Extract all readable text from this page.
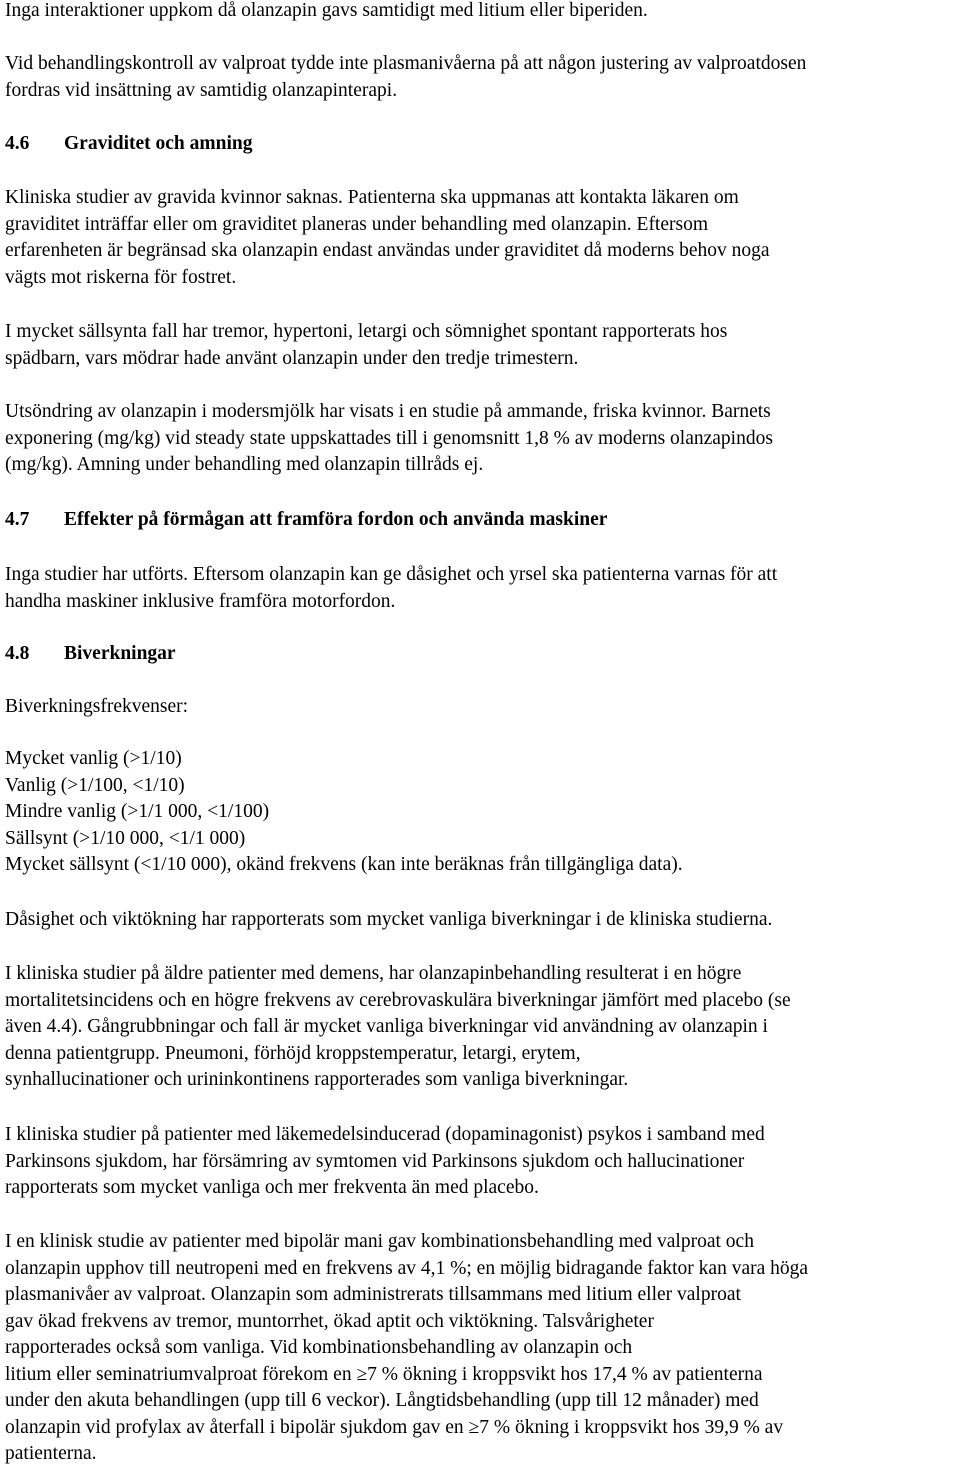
Inga interaktioner uppkom då olanzapin gavs samtidigt med litium eller biperiden.

Vid behandlingskontroll av valproat tydde inte plasmanivåerna på att någon justering av valproatdosen
fordras vid insättning av samtidig olanzapinterapi.

4.6 Graviditet och amning

Kliniska studier av gravida kvinnor saknas. Patienterna ska uppmanas att kontakta läkaren om
graviditet inträffar eller om graviditet planeras under behandling med olanzapin. Eftersom
erfarenheten är begränsad ska olanzapin endast användas under graviditet då moderns behov noga
vägts mot riskerna för fostret.

I mycket sällsynta fall har tremor, hypertoni, letargi och sömnighet spontant rapporterats hos
spädbarn, vars mödrar hade använt olanzapin under den tredje trimestern.

Utsöndring av olanzapin i modersmjölk har visats i en studie på ammande, friska kvinnor. Barnets
exponering (mg/kg) vid steady state uppskattades till i genomsnitt 1,8 % av moderns olanzapindos
(mg/kg). Amning under behandling med olanzapin tillråds ej.

4.7 Effekter på förmågan att framföra fordon och använda maskiner

Inga studier har utförts. Eftersom olanzapin kan ge dåsighet och yrsel ska patienterna varnas för att
handha maskiner inklusive framföra motorfordon.

4.8 Biverkningar

Biverkningsfrekvenser:

Mycket vanlig (>1/10)
Vanlig (>1/100, <1/10)
Mindre vanlig (>1/1 000, <1/100)
Sällsynt (>1/10 000, <1/1 000)
Mycket sällsynt (<1/10 000), okänd frekvens (kan inte beräknas från tillgängliga data).

Dåsighet och viktökning har rapporterats som mycket vanliga biverkningar i de kliniska studierna.

I kliniska studier på äldre patienter med demens, har olanzapinbehandling resulterat i en högre
mortalitetsincidens och en högre frekvens av cerebrovaskulära biverkningar jämfört med placebo (se
även 4.4). Gångrubbningar och fall är mycket vanliga biverkningar vid användning av olanzapin i
denna patientgrupp. Pneumoni, förhöjd kroppstemperatur, letargi, erytem,
synhallucinationer och urininkontinens rapporterades som vanliga biverkningar.

I kliniska studier på patienter med läkemedelsinducerad (dopaminagonist) psykos i samband med
Parkinsons sjukdom, har försämring av symtomen vid Parkinsons sjukdom och hallucinationer
rapporterats som mycket vanliga och mer frekventa än med placebo.

I en klinisk studie av patienter med bipolär mani gav kombinationsbehandling med valproat och
olanzapin upphov till neutropeni med en frekvens av 4,1 %; en möjlig bidragande faktor kan vara höga
plasmanivåer av valproat. Olanzapin som administrerats tillsammans med litium eller valproat
gav ökad frekvens av tremor, muntorrhet, ökad aptit och viktökning. Talsvårigheter
rapporterades också som vanliga. Vid kombinationsbehandling av olanzapin och
litium eller seminatriumvalproat förekom en ≥7 % ökning i kroppsvikt hos 17,4 % av patienterna
under den akuta behandlingen (upp till 6 veckor). Långtidsbehandling (upp till 12 månader) med
olanzapin vid profylax av återfall i bipolär sjukdom gav en ≥7 % ökning i kroppsvikt hos 39,9 % av
patienterna.
